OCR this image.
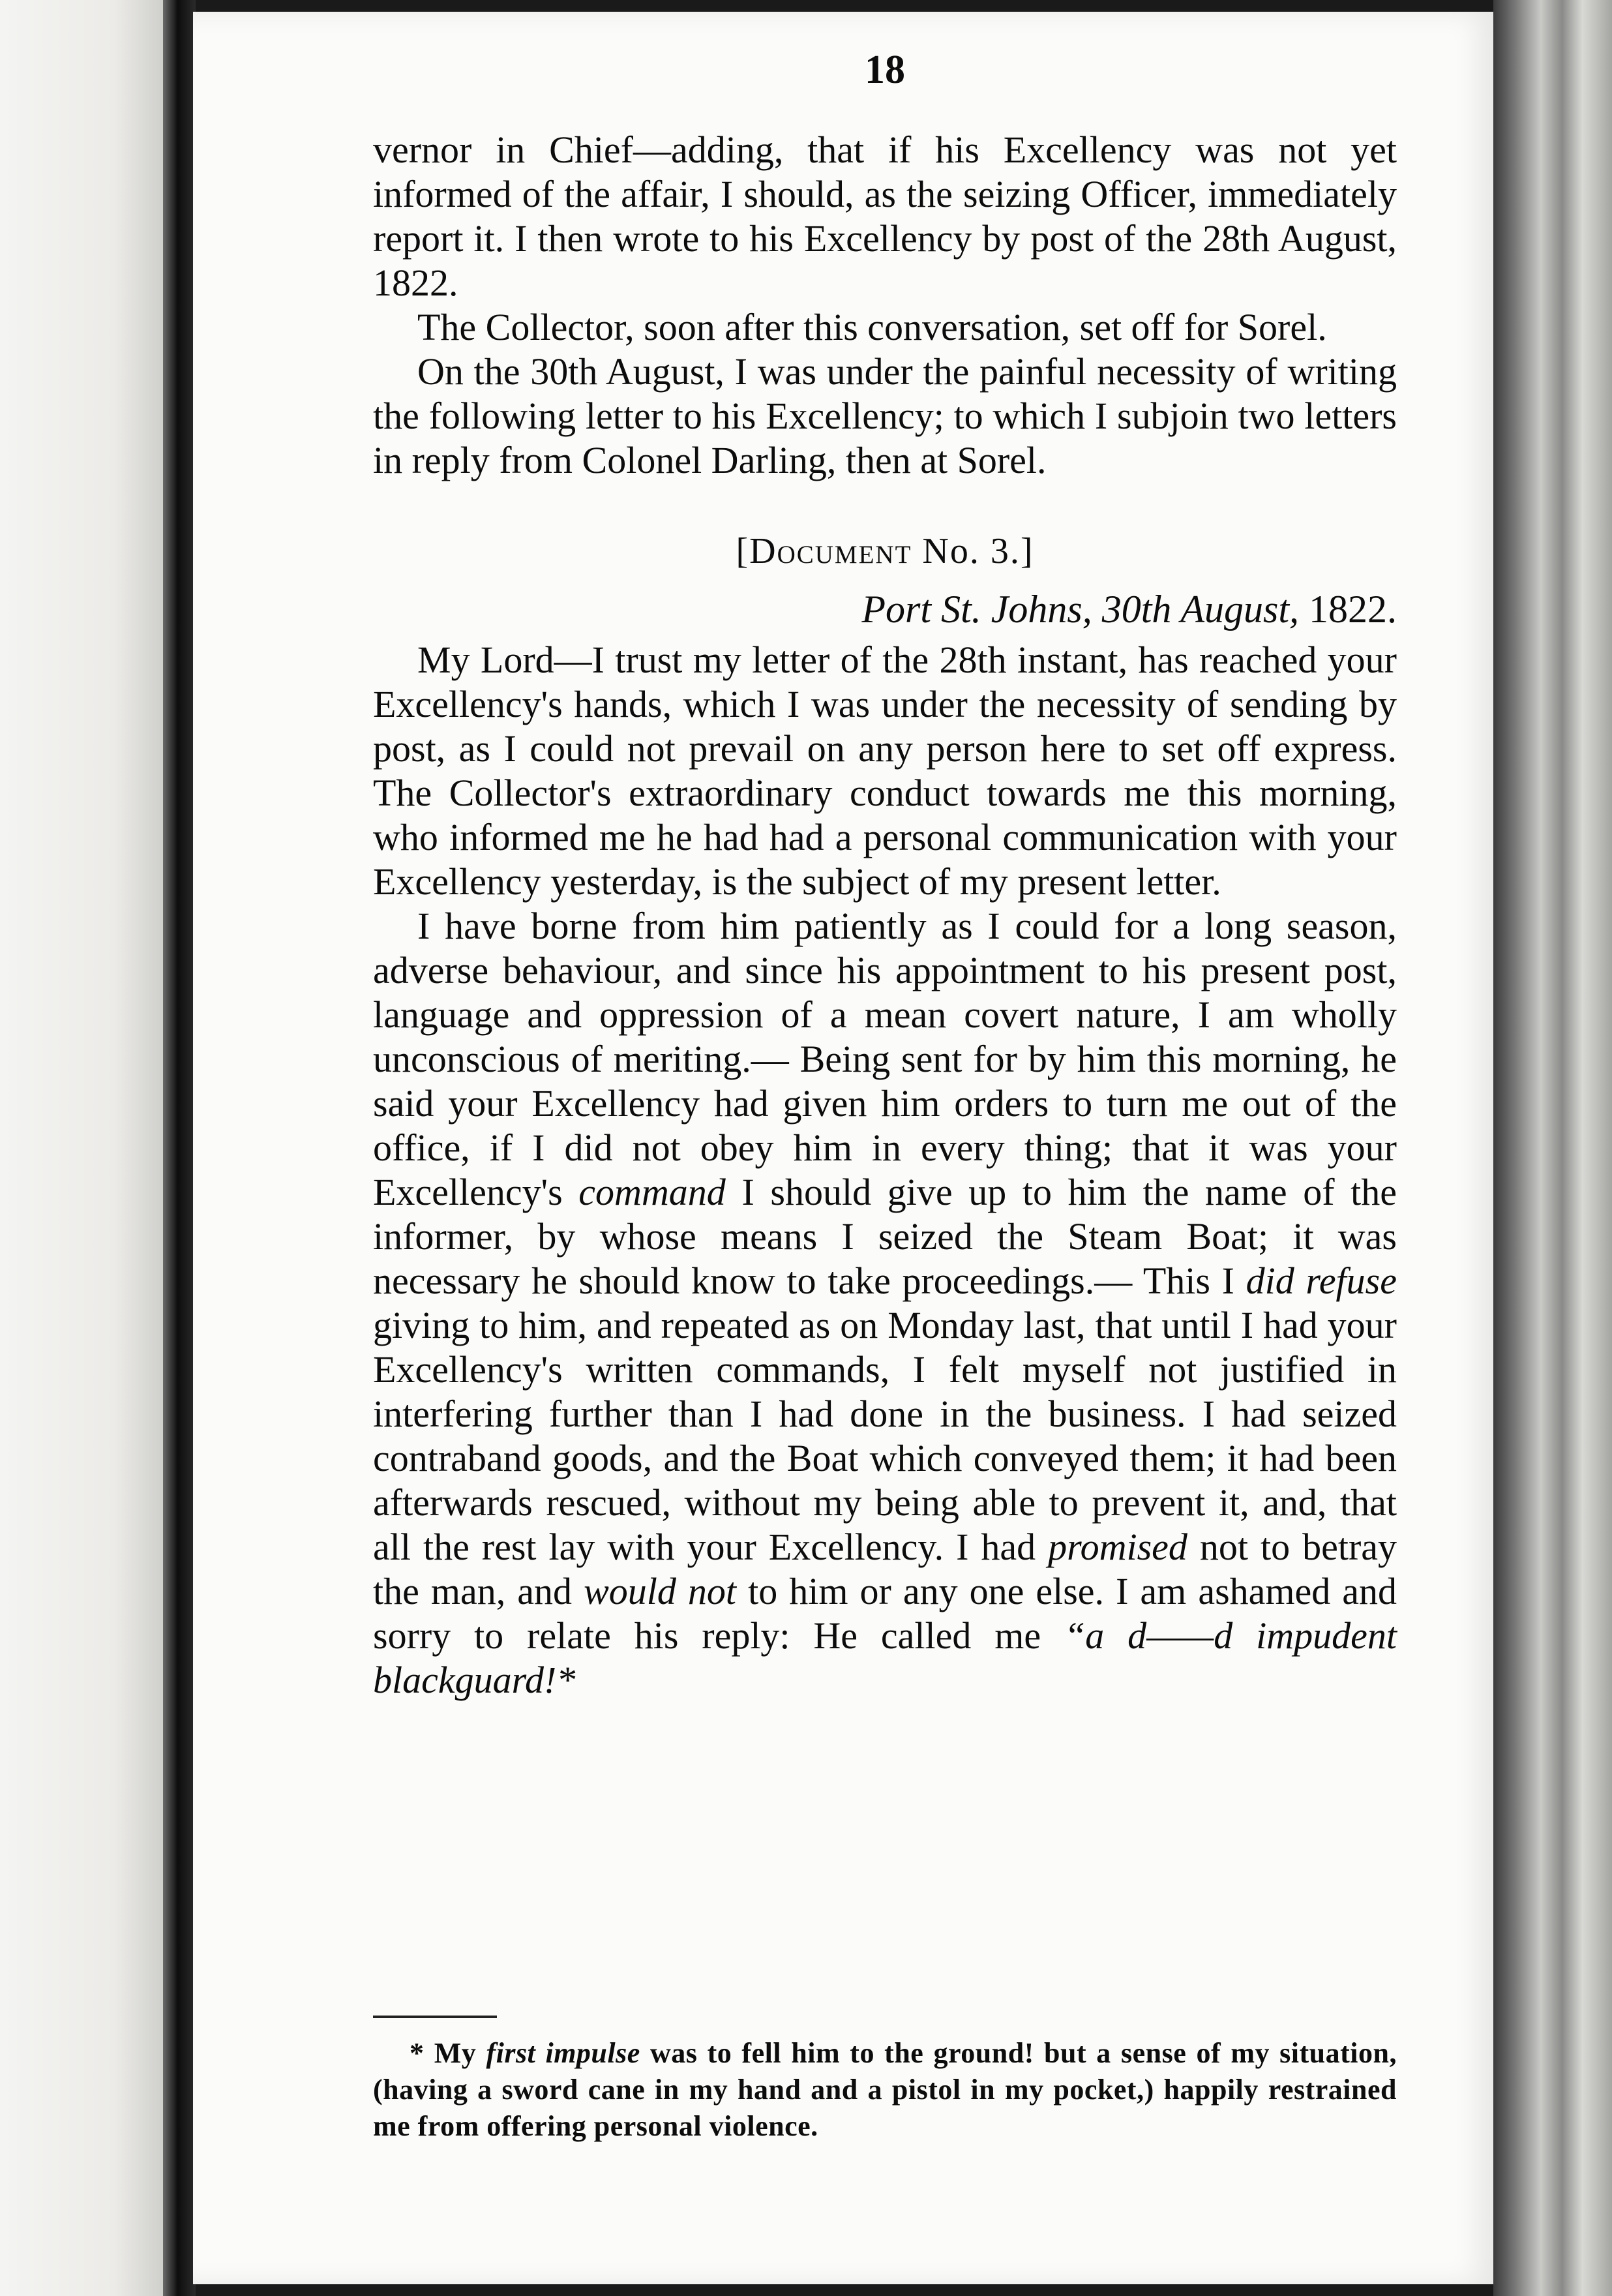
18

vernor in Chief—adding, that if his Excellency was not yet informed of the affair, I should, as the seizing Officer, immediately report it. I then wrote to his Excellency by post of the 28th August, 1822.

The Collector, soon after this conversation, set off for Sorel.

On the 30th August, I was under the painful necessity of writing the following letter to his Excellency; to which I subjoin two letters in reply from Colonel Darling, then at Sorel.

[Document No. 3.]
Port St. Johns, 30th August, 1822.

My Lord—I trust my letter of the 28th instant, has reached your Excellency's hands, which I was under the necessity of sending by post, as I could not prevail on any person here to set off express. The Collector's extraordinary conduct towards me this morning, who informed me he had had a personal communication with your Excellency yesterday, is the subject of my present letter.

I have borne from him patiently as I could for a long season, adverse behaviour, and since his appointment to his present post, language and oppression of a mean covert nature, I am wholly unconscious of meriting.— Being sent for by him this morning, he said your Excellency had given him orders to turn me out of the office, if I did not obey him in every thing; that it was your Excellency's command I should give up to him the name of the informer, by whose means I seized the Steam Boat; it was necessary he should know to take proceedings.— This I did refuse giving to him, and repeated as on Monday last, that until I had your Excellency's written commands, I felt myself not justified in interfering further than I had done in the business. I had seized contraband goods, and the Boat which conveyed them; it had been afterwards rescued, without my being able to prevent it, and, that all the rest lay with your Excellency. I had promised not to betray the man, and would not to him or any one else. I am ashamed and sorry to relate his reply: He called me “a d——d impudent blackguard!*

* My first impulse was to fell him to the ground! but a sense of my situation, (having a sword cane in my hand and a pistol in my pocket,) happily restrained me from offering personal violence.
